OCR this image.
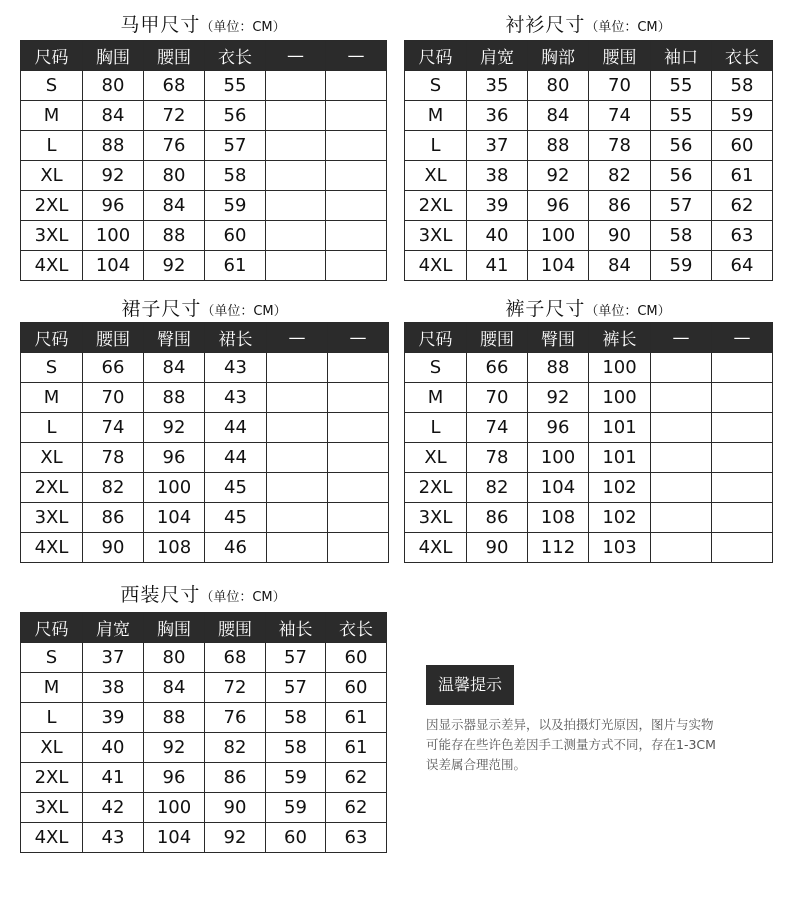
马甲尺寸（单位：CM）
尺码	胸围	腰围	衣长	—	—
S	80	68	55		
M	84	72	56		
L	88	76	57		
XL	92	80	58		
2XL	96	84	59		
3XL	100	88	60		
4XL	104	92	61		
衬衫尺寸（单位：CM）
尺码	肩宽	胸部	腰围	袖口	衣长
S	35	80	70	55	58
M	36	84	74	55	59
L	37	88	78	56	60
XL	38	92	82	56	61
2XL	39	96	86	57	62
3XL	40	100	90	58	63
4XL	41	104	84	59	64
裙子尺寸（单位：CM）
尺码	腰围	臀围	裙长	—	—
S	66	84	43		
M	70	88	43		
L	74	92	44		
XL	78	96	44		
2XL	82	100	45		
3XL	86	104	45		
4XL	90	108	46		
裤子尺寸（单位：CM）
尺码	腰围	臀围	裤长	—	—
S	66	88	100		
M	70	92	100		
L	74	96	101		
XL	78	100	101		
2XL	82	104	102		
3XL	86	108	102		
4XL	90	112	103		
西装尺寸（单位：CM）
尺码	肩宽	胸围	腰围	袖长	衣长
S	37	80	68	57	60
M	38	84	72	57	60
L	39	88	76	58	61
XL	40	92	82	58	61
2XL	41	96	86	59	62
3XL	42	100	90	59	62
4XL	43	104	92	60	63
温馨提示
因显示器显示差异，以及拍摄灯光原因，图片与实物
可能存在些许色差因手工测量方式不同，存在1-3CM
误差属合理范围。
